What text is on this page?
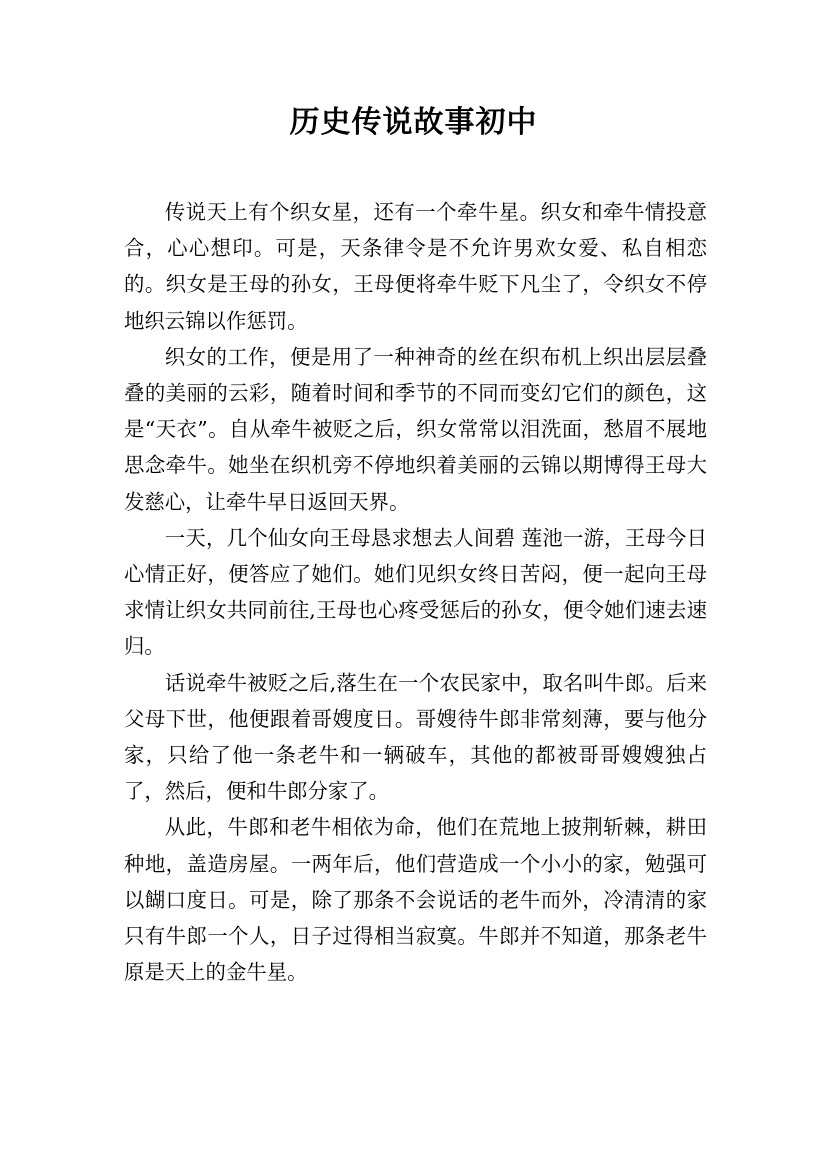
历史传说故事初中

传说天上有个织女星，还有一个牵牛星。织女和牵牛情投意合，心心想印。可是，天条律令是不允许男欢女爱、私自相恋的。织女是王母的孙女，王母便将牵牛贬下凡尘了，令织女不停地织云锦以作惩罚。

织女的工作，便是用了一种神奇的丝在织布机上织出层层叠叠的美丽的云彩，随着时间和季节的不同而变幻它们的颜色，这是“天衣”。自从牵牛被贬之后，织女常常以泪洗面，愁眉不展地思念牵牛。她坐在织机旁不停地织着美丽的云锦以期博得王母大发慈心，让牵牛早日返回天界。

一天，几个仙女向王母恳求想去人间碧 莲池一游，王母今日心情正好，便答应了她们。她们见织女终日苦闷，便一起向王母求情让织女共同前往,王母也心疼受惩后的孙女，便令她们速去速归。

话说牵牛被贬之后,落生在一个农民家中，取名叫牛郎。后来父母下世，他便跟着哥嫂度日。哥嫂待牛郎非常刻薄，要与他分家，只给了他一条老牛和一辆破车，其他的都被哥哥嫂嫂独占了，然后，便和牛郎分家了。

从此，牛郎和老牛相依为命，他们在荒地上披荆斩棘，耕田种地，盖造房屋。一两年后，他们营造成一个小小的家，勉强可以餬口度日。可是，除了那条不会说话的老牛而外，冷清清的家只有牛郎一个人，日子过得相当寂寞。牛郎并不知道，那条老牛原是天上的金牛星。
